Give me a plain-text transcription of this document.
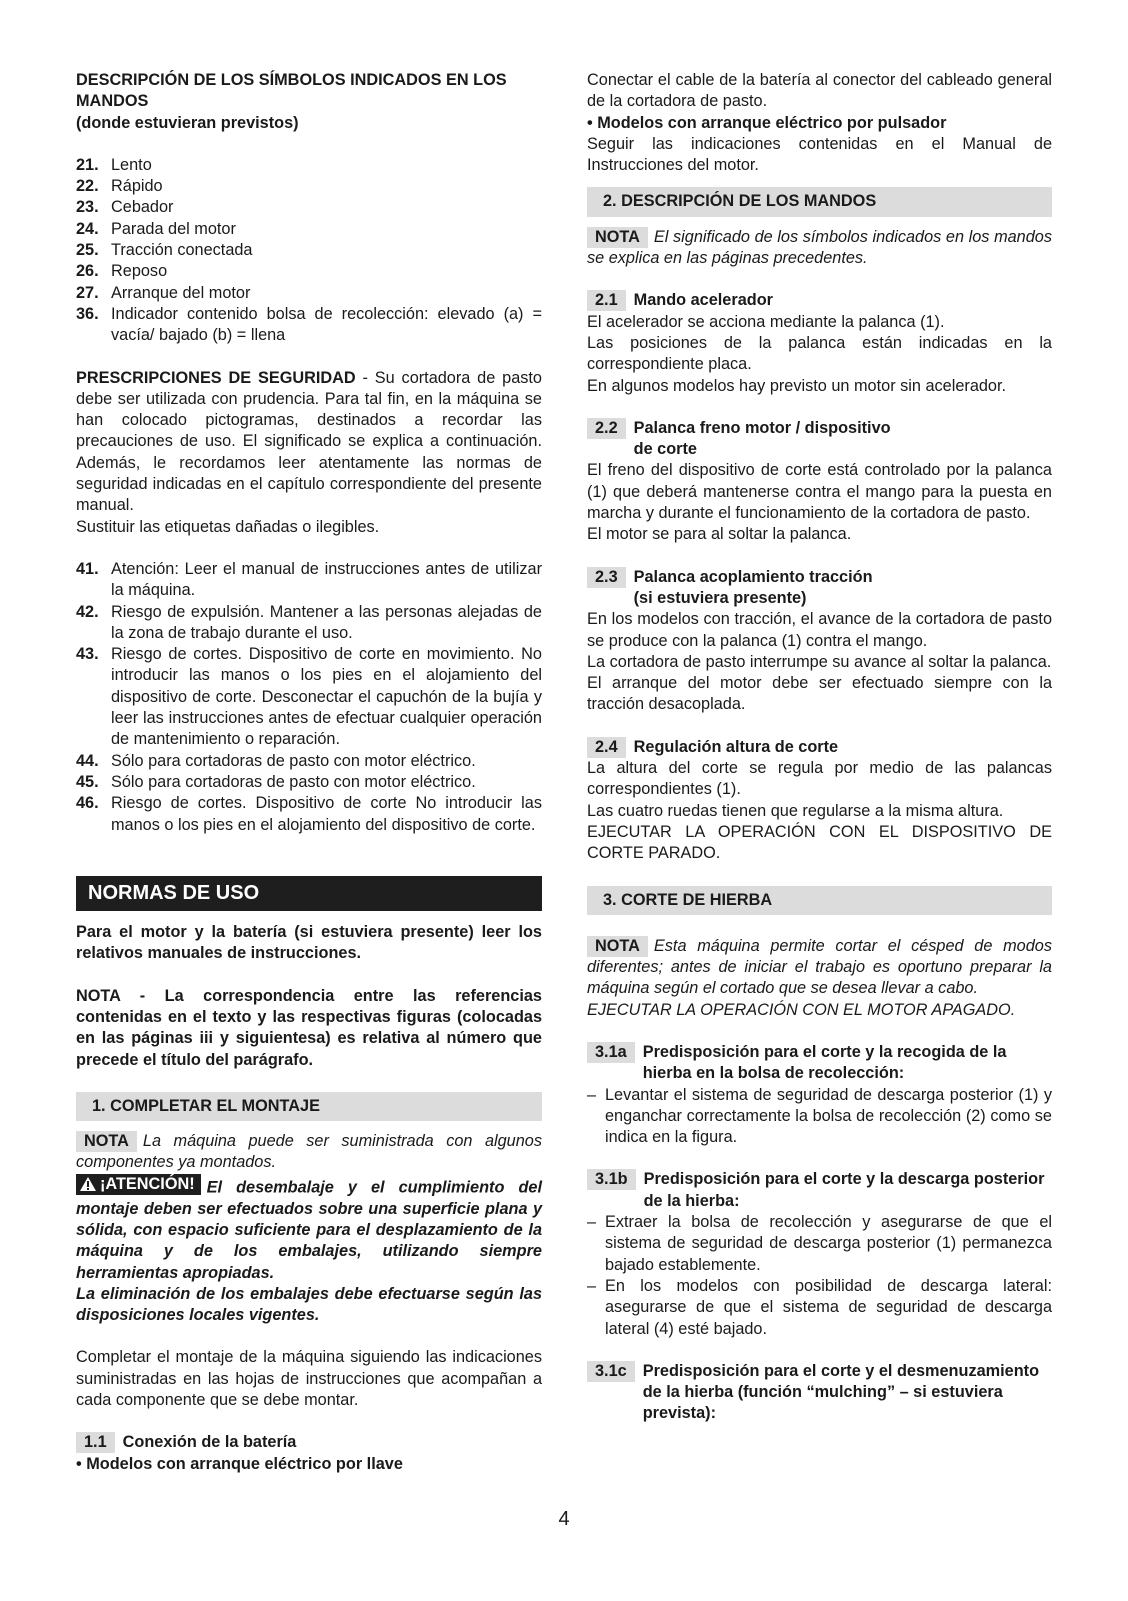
DESCRIPCIÓN DE LOS SÍMBOLOS INDICADOS EN LOS MANDOS

(donde estuvieran previstos)

21. Lento
22. Rápido
23. Cebador
24. Parada del motor
25. Tracción conectada
26. Reposo
27. Arranque del motor
36. Indicador contenido bolsa de recolección: elevado (a) = vacía/ bajado (b) = llena

PRESCRIPCIONES DE SEGURIDAD - Su cortadora de pasto debe ser utilizada con prudencia. Para tal fin, en la máquina se han colocado pictogramas, destinados a recordar las precauciones de uso. El significado se explica a continuación. Además, le recordamos leer atentamente las normas de seguridad indicadas en el capítulo correspondiente del presente manual.

Sustituir las etiquetas dañadas o ilegibles.

41. Atención: Leer el manual de instrucciones antes de utilizar la máquina.
42. Riesgo de expulsión. Mantener a las personas alejadas de la zona de trabajo durante el uso.
43. Riesgo de cortes. Dispositivo de corte en movimiento. No introducir las manos o los pies en el alojamiento del dispositivo de corte. Desconectar el capuchón de la bujía y leer las instrucciones antes de efectuar cualquier operación de mantenimiento o reparación.
44. Sólo para cortadoras de pasto con motor eléctrico.
45. Sólo para cortadoras de pasto con motor eléctrico.
46. Riesgo de cortes. Dispositivo de corte No introducir las manos o los pies en el alojamiento del dispositivo de corte.
NORMAS DE USO

Para el motor y la batería (si estuviera presente) leer los relativos manuales de instrucciones.

NOTA - La correspondencia entre las referencias contenidas en el texto y las respectivas figuras (colocadas en las páginas iii y siguientesa) es relativa al número que precede el título del parágrafo.

1. COMPLETAR EL MONTAJE

NOTA La máquina puede ser suministrada con algunos componentes ya montados.

¡ATENCIÓN! El desembalaje y el cumplimiento del montaje deben ser efectuados sobre una superficie plana y sólida, con espacio suficiente para el desplazamiento de la máquina y de los embalajes, utilizando siempre herramientas apropiadas.

La eliminación de los embalajes debe efectuarse según las disposiciones locales vigentes.

Completar el montaje de la máquina siguiendo las indicaciones suministradas en las hojas de instrucciones que acompañan a cada componente que se debe montar.

1.1 Conexión de la batería

• Modelos con arranque eléctrico por llave

Conectar el cable de la batería al conector del cableado general de la cortadora de pasto.

• Modelos con arranque eléctrico por pulsador

Seguir las indicaciones contenidas en el Manual de Instrucciones del motor.

2. DESCRIPCIÓN DE LOS MANDOS

NOTA El significado de los símbolos indicados en los mandos se explica en las páginas precedentes.

2.1 Mando acelerador

El acelerador se acciona mediante la palanca (1).

Las posiciones de la palanca están indicadas en la correspondiente placa.

En algunos modelos hay previsto un motor sin acelerador.

2.2 Palanca freno motor / dispositivo
de corte

El freno del dispositivo de corte está controlado por la palanca (1) que deberá mantenerse contra el mango para la puesta en marcha y durante el funcionamiento de la cortadora de pasto.

El motor se para al soltar la palanca.

2.3 Palanca acoplamiento tracción
(si estuviera presente)

En los modelos con tracción, el avance de la cortadora de pasto se produce con la palanca (1) contra el mango.

La cortadora de pasto interrumpe su avance al soltar la palanca.

El arranque del motor debe ser efectuado siempre con la tracción desacoplada.

2.4 Regulación altura de corte

La altura del corte se regula por medio de las palancas correspondientes (1).

Las cuatro ruedas tienen que regularse a la misma altura.

EJECUTAR LA OPERACIÓN CON EL DISPOSITIVO DE CORTE PARADO.

3. CORTE DE HIERBA

NOTA Esta máquina permite cortar el césped de modos diferentes; antes de iniciar el trabajo es oportuno preparar la máquina según el cortado que se desea llevar a cabo.

EJECUTAR LA OPERACIÓN CON EL MOTOR APAGADO.

3.1a Predisposición para el corte y la recogida de la hierba en la bolsa de recolección:
– Levantar el sistema de seguridad de descarga posterior (1) y enganchar correctamente la bolsa de recolección (2) como se indica en la figura.
3.1b Predisposición para el corte y la descarga posterior de la hierba:
– Extraer la bolsa de recolección y asegurarse de que el sistema de seguridad de descarga posterior (1) permanezca bajado establemente.
– En los modelos con posibilidad de descarga lateral: asegurarse de que el sistema de seguridad de descarga lateral (4) esté bajado.
3.1c Predisposición para el corte y el desmenuzamiento de la hierba (función “mulching” – si estuviera prevista):
4
